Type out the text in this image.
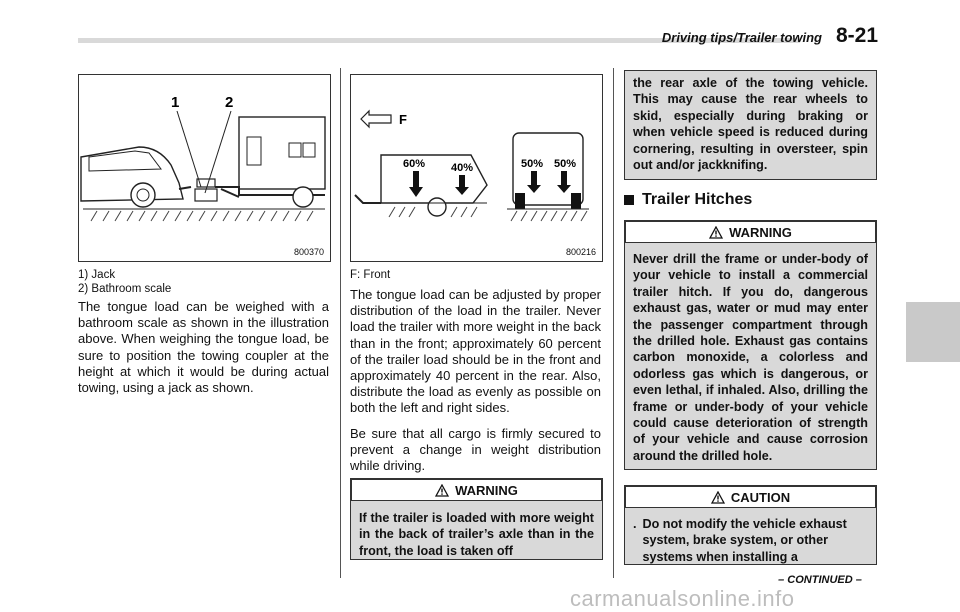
Driving tips/Trailer towing 8-21
1	2
800370
1) Jack
2) Bathroom scale
The tongue load can be weighed with a bathroom scale as shown in the illustration above. When weighing the tongue load, be sure to position the towing coupler at the height at which it would be during actual towing, using a jack as shown.
F
60% 40%	50% 50%
800216
F: Front
The tongue load can be adjusted by proper distribution of the load in the trailer. Never load the trailer with more weight in the back than in the front; approximately 60 percent of the trailer load should be in the front and approximately 40 percent in the rear. Also, distribute the load as evenly as possible on both the left and right sides.
Be sure that all cargo is firmly secured to prevent a change in weight distribution while driving.
WARNING
If the trailer is loaded with more weight in the back of trailer’s axle than in the front, the load is taken off
the rear axle of the towing vehicle. This may cause the rear wheels to skid, especially during braking or when vehicle speed is reduced during cornering, resulting in oversteer, spin out and/or jackknifing.
Trailer Hitches
WARNING
Never drill the frame or under-body of your vehicle to install a commercial trailer hitch. If you do, dangerous exhaust gas, water or mud may enter the passenger compartment through the drilled hole. Exhaust gas contains carbon monoxide, a colorless and odorless gas which is dangerous, or even lethal, if inhaled. Also, drilling the frame or under-body of your vehicle could cause deterioration of strength of your vehicle and cause corrosion around the drilled hole.
CAUTION
. Do not modify the vehicle exhaust system, brake system, or other systems when installing a
– CONTINUED –
carmanualsonline.info
